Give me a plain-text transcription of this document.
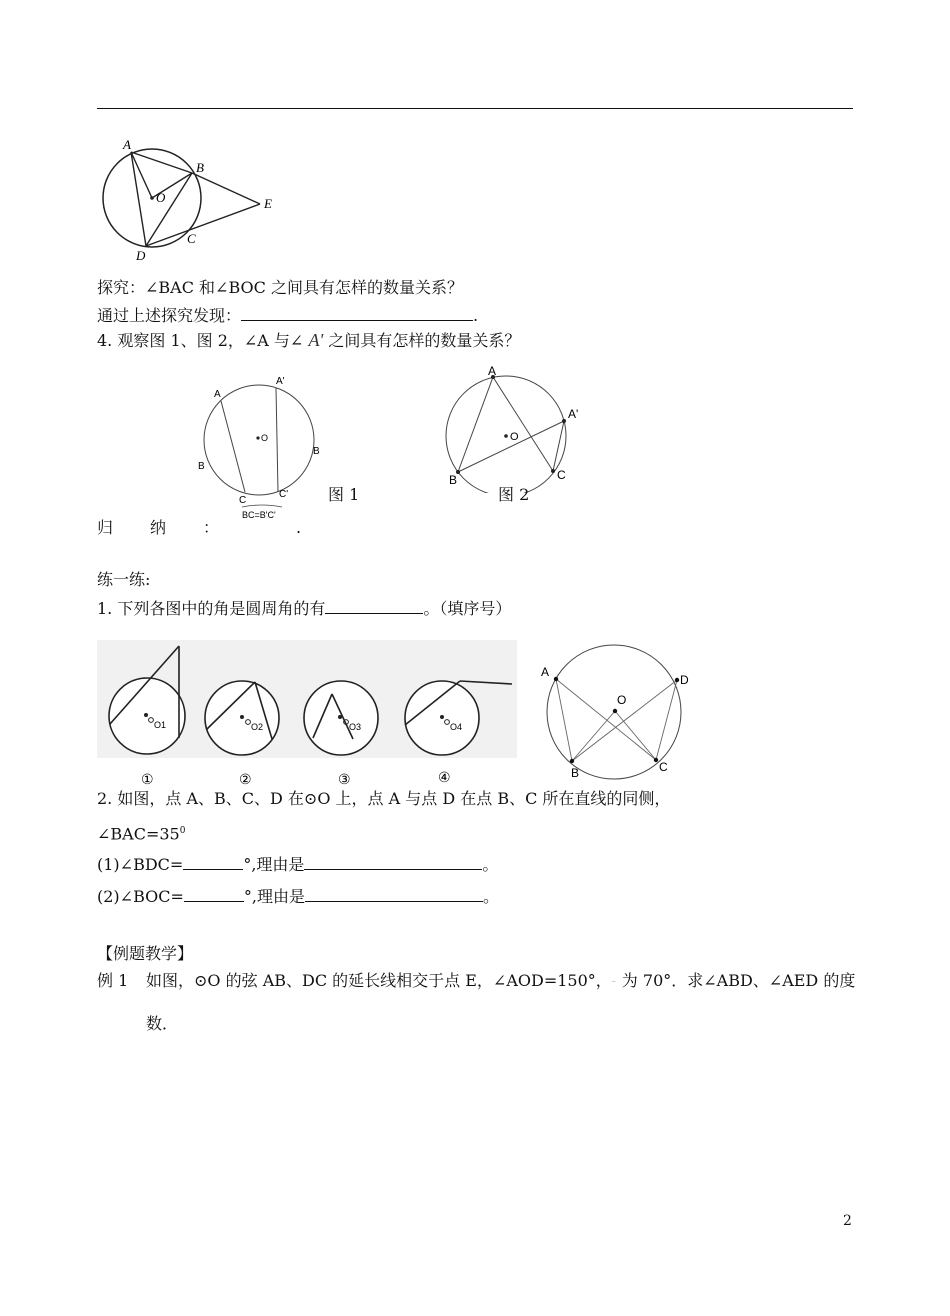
A
B
O	E
D
C
探究：∠BAC 和∠BOC 之间具有怎样的数量关系？
通过上述探究发现：	.
4. 观察图 1、图 2，∠A 与∠ A' 之间具有怎样的数量关系？
O
A
A'
B
B
C
C'
BC=B'C'
图 1
A
A'
O
B	C
图 2
归 纳 ：	.
练一练:
1. 下列各图中的角是圆周角的有	。（填序号）
O1	O2	O3	O4
①	②	③	④
A
D
O
B	C
2. 如图，点 A、B、C、D 在⊙O 上，点 A 与点 D 在点 B、C 所在直线的同侧，
$\angle BAC=35^0$
(1)∠BDC=	°,理由是	。
(2)∠BOC=	°,理由是	。
【例题教学】
例 1 如图，⊙O 的弦 AB、DC 的延长线相交于点 E，∠AOD=150°，⌢ 为 70°．求∠ABD、∠AED 的度
数．
2
